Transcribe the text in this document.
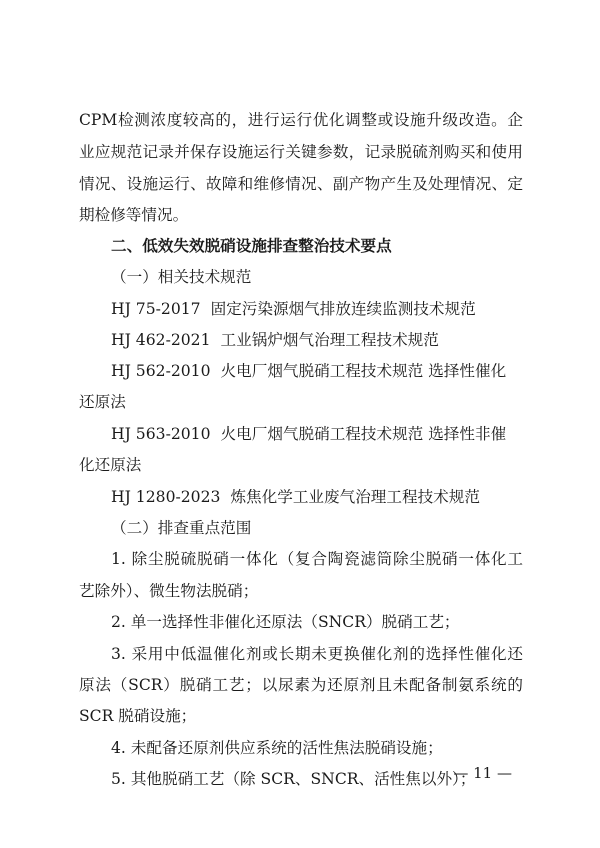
CPM检测浓度较高的，进行运行优化调整或设施升级改造。企
业应规范记录并保存设施运行关键参数，记录脱硫剂购买和使用
情况、设施运行、故障和维修情况、副产物产生及处理情况、定
期检修等情况。
二、低效失效脱硝设施排查整治技术要点
（一）相关技术规范
HJ 75-2017 固定污染源烟气排放连续监测技术规范
HJ 462-2021 工业锅炉烟气治理工程技术规范
HJ 562-2010 火电厂烟气脱硝工程技术规范 选择性催化
还原法
HJ 563-2010 火电厂烟气脱硝工程技术规范 选择性非催
化还原法
HJ 1280-2023 炼焦化学工业废气治理工程技术规范
（二）排查重点范围
1. 除尘脱硫脱硝一体化（复合陶瓷滤筒除尘脱硝一体化工
艺除外）、微生物法脱硝；
2. 单一选择性非催化还原法（SNCR）脱硝工艺；
3. 采用中低温催化剂或长期未更换催化剂的选择性催化还
原法（SCR）脱硝工艺；以尿素为还原剂且未配备制氨系统的
SCR 脱硝设施；
4. 未配备还原剂供应系统的活性焦法脱硝设施；
5. 其他脱硝工艺（除 SCR、SNCR、活性焦以外）；
— 11 —
